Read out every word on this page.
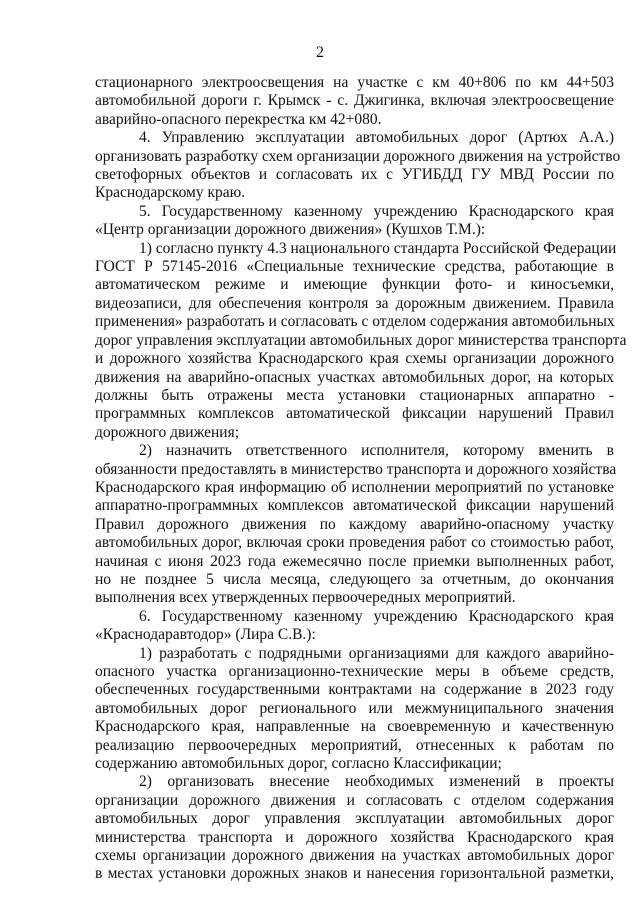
2
стационарного электроосвещения на участке с км 40+806 по км 44+503
автомобильной дороги г. Крымск - с. Джигинка, включая электроосвещение
аварийно-опасного перекрестка км 42+080.
4. Управлению эксплуатации автомобильных дорог (Артюх А.А.)
организовать разработку схем организации дорожного движения на устройство
светофорных объектов и согласовать их с УГИБДД ГУ МВД России по
Краснодарскому краю.
5. Государственному казенному учреждению Краснодарского края
«Центр организации дорожного движения» (Кушхов Т.М.):
1) согласно пункту 4.3 национального стандарта Российской Федерации
ГОСТ Р 57145-2016 «Специальные технические средства, работающие в
автоматическом режиме и имеющие функции фото- и киносъемки,
видеозаписи, для обеспечения контроля за дорожным движением. Правила
применения» разработать и согласовать с отделом содержания автомобильных
дорог управления эксплуатации автомобильных дорог министерства транспорта
и дорожного хозяйства Краснодарского края схемы организации дорожного
движения на аварийно-опасных участках автомобильных дорог, на которых
должны быть отражены места установки стационарных аппаратно -
программных комплексов автоматической фиксации нарушений Правил
дорожного движения;
2) назначить ответственного исполнителя, которому вменить в
обязанности предоставлять в министерство транспорта и дорожного хозяйства
Краснодарского края информацию об исполнении мероприятий по установке
аппаратно-программных комплексов автоматической фиксации нарушений
Правил дорожного движения по каждому аварийно-опасному участку
автомобильных дорог, включая сроки проведения работ со стоимостью работ,
начиная с июня 2023 года ежемесячно после приемки выполненных работ,
но не позднее 5 числа месяца, следующего за отчетным, до окончания
выполнения всех утвержденных первоочередных мероприятий.
6. Государственному казенному учреждению Краснодарского края
«Краснодаравтодор» (Лира С.В.):
1) разработать с подрядными организациями для каждого аварийно-
опасного участка организационно-технические меры в объеме средств,
обеспеченных государственными контрактами на содержание в 2023 году
автомобильных дорог регионального или межмуниципального значения
Краснодарского края, направленные на своевременную и качественную
реализацию первоочередных мероприятий, отнесенных к работам по
содержанию автомобильных дорог, согласно Классификации;
2) организовать внесение необходимых изменений в проекты
организации дорожного движения и согласовать с отделом содержания
автомобильных дорог управления эксплуатации автомобильных дорог
министерства транспорта и дорожного хозяйства Краснодарского края
схемы организации дорожного движения на участках автомобильных дорог
в местах установки дорожных знаков и нанесения горизонтальной разметки,
